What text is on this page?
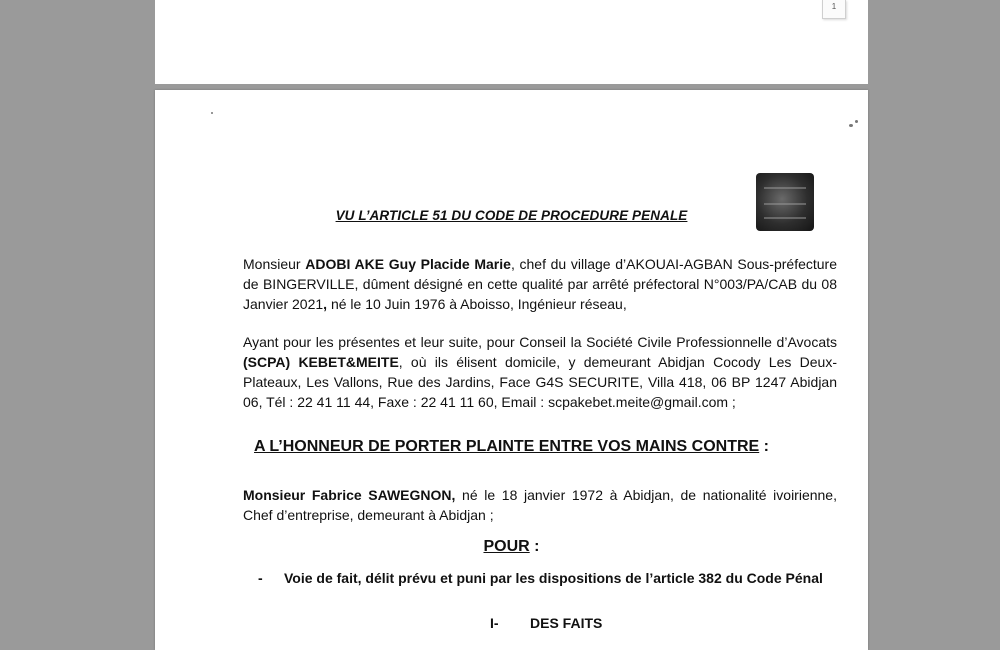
1
VU L’ARTICLE 51 DU CODE DE PROCEDURE PENALE

Monsieur ADOBI AKE Guy Placide Marie, chef du village d’AKOUAI-AGBAN Sous-préfecture de BINGERVILLE, dûment désigné en cette qualité par arrêté préfectoral N°003/PA/CAB du 08 Janvier 2021, né le 10 Juin 1976 à Aboisso, Ingénieur réseau,

Ayant pour les présentes et leur suite, pour Conseil la Société Civile Professionnelle d’Avocats (SCPA) KEBET&MEITE, où ils élisent domicile, y demeurant Abidjan Cocody Les Deux-Plateaux, Les Vallons, Rue des Jardins, Face G4S SECURITE, Villa 418, 06 BP 1247 Abidjan 06, Tél : 22 41 11 44, Faxe : 22 41 11 60, Email : scpakebet.meite@gmail.com ;

A L’HONNEUR DE PORTER PLAINTE ENTRE VOS MAINS CONTRE :

Monsieur Fabrice SAWEGNON, né le 18 janvier 1972 à Abidjan, de nationalité ivoirienne, Chef d’entreprise, demeurant à Abidjan ;

POUR :
- Voie de fait, délit prévu et puni par les dispositions de l’article 382 du Code Pénal
I- DES FAITS
